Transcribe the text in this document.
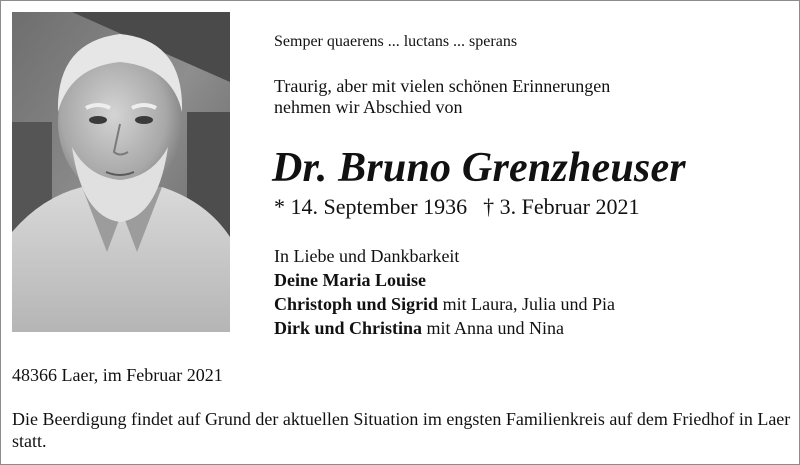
Semper quaerens ... luctans ... sperans
Traurig, aber mit vielen schönen Erinnerungen
nehmen wir Abschied von
Dr. Bruno Grenzheuser
* 14. September 1936 † 3. Februar 2021
In Liebe und Dankbarkeit
Deine Maria Louise
Christoph und Sigrid mit Laura, Julia und Pia
Dirk und Christina mit Anna und Nina
48366 Laer, im Februar 2021
Die Beerdigung findet auf Grund der aktuellen Situation im engsten Familienkreis auf dem Friedhof in Laer statt.
